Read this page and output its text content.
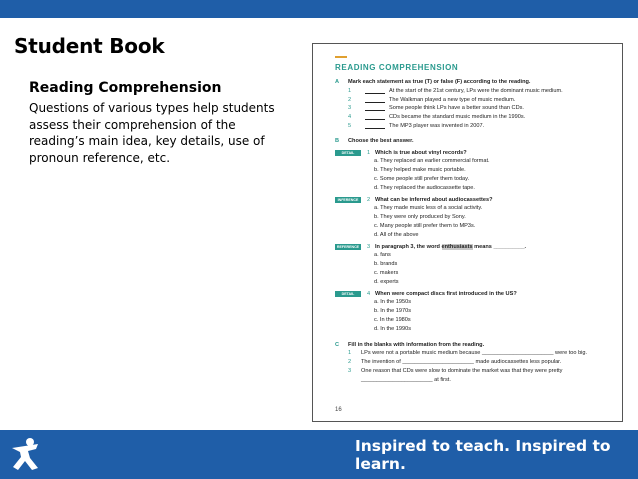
Student Book
Reading Comprehension

Questions of various types help students assess their comprehension of the reading’s main idea, key details, use of pronoun reference, etc.

READING COMPREHENSION
A	Mark each statement as true (T) or false (F) according to the reading.
1	At the start of the 21st century, LPs were the dominant music medium.
2	The Walkman played a new type of music medium.
3	Some people think LPs have a better sound than CDs.
4	CDs became the standard music medium in the 1990s.
5	The MP3 player was invented in 2007.
B	Choose the best answer.
DETAIL	1 Which is true about vinyl records?
a. They replaced an earlier commercial format.
b. They helped make music portable.
c. Some people still prefer them today.
d. They replaced the audiocassette tape.
INFERENCE	2 What can be inferred about audiocassettes?
a. They made music less of a social activity.
b. They were only produced by Sony.
c. Many people still prefer them to MP3s.
d. All of the above
REFERENCE	3 In paragraph 3, the word enthusiasts means __________.
a. fans
b. brands
c. makers
d. experts
DETAIL	4 When were compact discs first introduced in the US?
a. In the 1950s
b. In the 1970s
c. In the 1980s
d. In the 1990s
C	Fill in the blanks with information from the reading.
1	LPs were not a portable music medium because _______________________ were too big.
2	The invention of _______________________ made audiocassettes less popular.
3	One reason that CDs were slow to dominate the market was that they were pretty
_______________________ at first.
16
Inspired to teach. Inspired to learn.
